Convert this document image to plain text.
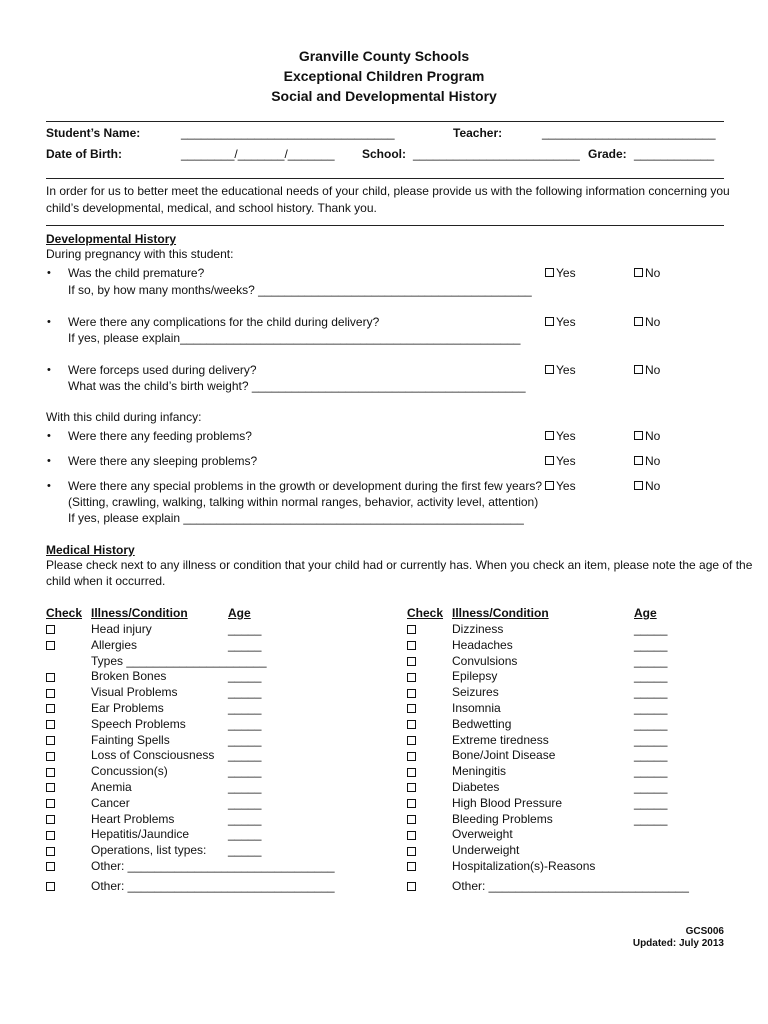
Granville County Schools
Exceptional Children Program
Social and Developmental History
Student’s Name:	________________________________	Teacher:	__________________________
Date of Birth:	________/_______/_______ School: _________________________ Grade: ____________
In order for us to better meet the educational needs of your child, please provide us with the following information concerning you
child’s developmental, medical, and school history. Thank you.
Developmental History
During pregnancy with this student:
• Was the child premature?
If so, by how many months/weeks? _________________________________________
Yes	No
• Were there any complications for the child during delivery?
If yes, please explain___________________________________________________
Yes	No
• Were forceps used during delivery?
What was the child’s birth weight? _________________________________________
Yes	No
With this child during infancy:
• Were there any feeding problems?	Yes	No
• Were there any sleeping problems?	Yes	No
• Were there any special problems in the growth or development during the first few years?
(Sitting, crawling, walking, talking within normal ranges, behavior, activity level, attention)
If yes, please explain ___________________________________________________
Yes	No
Medical History
Please check next to any illness or condition that your child had or currently has. When you check an item, please note the age of the
child when it occurred.
Check Illness/Condition	Age	Check Illness/Condition	Age
Head injury	_____
Allergies	_____
Types _____________________
Broken Bones	_____
Visual Problems	_____
Ear Problems	_____
Speech Problems	_____
Fainting Spells	_____
Loss of Consciousness _____
Concussion(s)	_____
Anemia	_____
Cancer	_____
Heart Problems	_____
Hepatitis/Jaundice	_____
Operations, list types: _____
Other: _______________________________
Other: _______________________________
Dizziness	_____
Headaches	_____
Convulsions	_____
Epilepsy	_____
Seizures	_____
Insomnia	_____
Bedwetting	_____
Extreme tiredness	_____
Bone/Joint Disease	_____
Meningitis	_____
Diabetes	_____
High Blood Pressure	_____
Bleeding Problems	_____
Overweight
Underweight
Hospitalization(s)-Reasons
Other: ______________________________
GCS006
Updated: July 2013
